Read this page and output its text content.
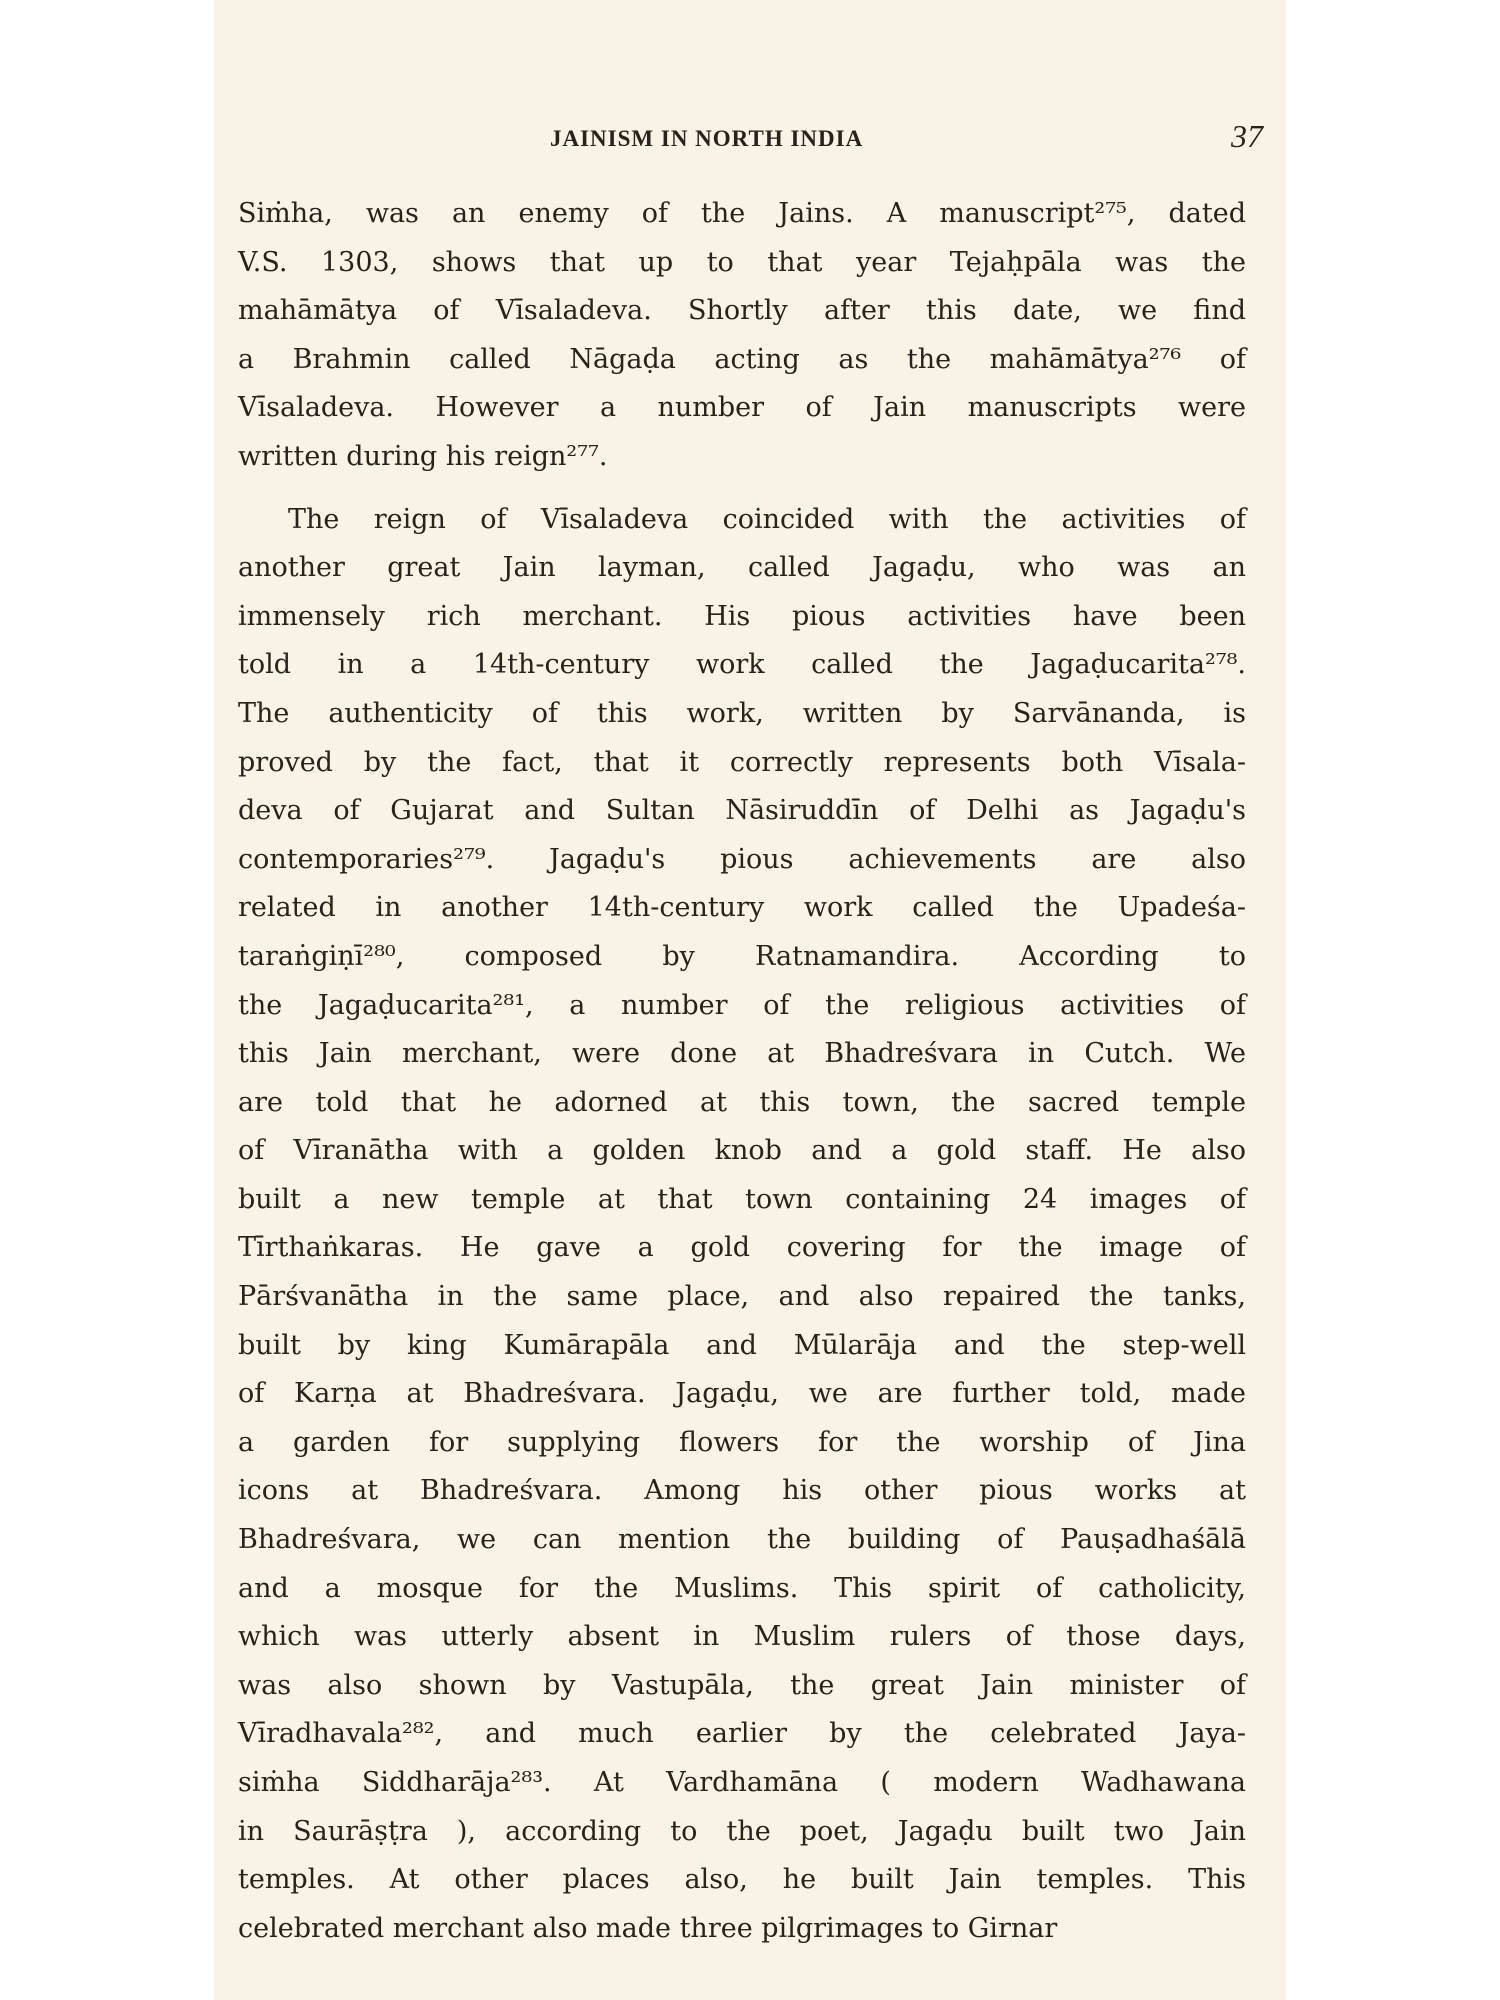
JAINISM IN NORTH INDIA	37
Siṁha, was an enemy of the Jains. A manuscript²⁷⁵, dated
V.S. 1303, shows that up to that year Tejaḥpāla was the
mahāmātya of Vīsaladeva. Shortly after this date, we find
a Brahmin called Nāgaḍa acting as the mahāmātya²⁷⁶ of
Vīsaladeva. However a number of Jain manuscripts were
written during his reign²⁷⁷.
The reign of Vīsaladeva coincided with the activities of
another great Jain layman, called Jagaḍu, who was an
immensely rich merchant. His pious activities have been
told in a 14th-century work called the Jagaḍucarita²⁷⁸.
The authenticity of this work, written by Sarvānanda, is
proved by the fact, that it correctly represents both Vīsala-
deva of Gujarat and Sultan Nāsiruddīn of Delhi as Jagaḍu's
contemporaries²⁷⁹. Jagaḍu's pious achievements are also
related in another 14th-century work called the Upadeśa-
taraṅgiṇī²⁸⁰, composed by Ratnamandira. According to
the Jagaḍucarita²⁸¹, a number of the religious activities of
this Jain merchant, were done at Bhadreśvara in Cutch. We
are told that he adorned at this town, the sacred temple
of Vīranātha with a golden knob and a gold staff. He also
built a new temple at that town containing 24 images of
Tīrthaṅkaras. He gave a gold covering for the image of
Pārśvanātha in the same place, and also repaired the tanks,
built by king Kumārapāla and Mūlarāja and the step-well
of Karṇa at Bhadreśvara. Jagaḍu, we are further told, made
a garden for supplying flowers for the worship of Jina
icons at Bhadreśvara. Among his other pious works at
Bhadreśvara, we can mention the building of Pauṣadhaśālā
and a mosque for the Muslims. This spirit of catholicity,
which was utterly absent in Muslim rulers of those days,
was also shown by Vastupāla, the great Jain minister of
Vīradhavala²⁸², and much earlier by the celebrated Jaya-
siṁha Siddharāja²⁸³. At Vardhamāna ( modern Wadhawana
in Saurāṣṭra ), according to the poet, Jagaḍu built two Jain
temples. At other places also, he built Jain temples. This
celebrated merchant also made three pilgrimages to Girnar
